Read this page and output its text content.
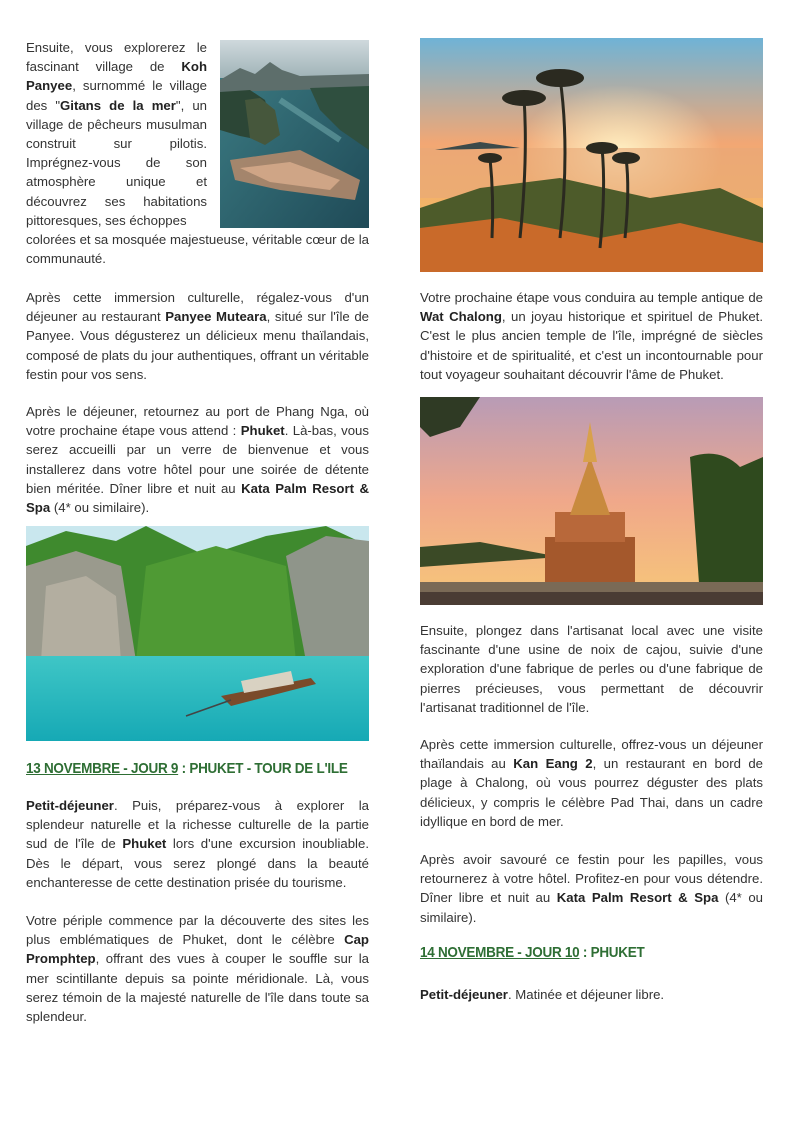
Ensuite, vous explorerez le fascinant village de Koh Panyee, surnommé le village des "Gitans de la mer", un village de pêcheurs musulman construit sur pilotis. Imprégnez-vous de son atmosphère unique et découvrez ses habitations pittoresques, ses échoppes

colorées et sa mosquée majestueuse, véritable cœur de la communauté.

Après cette immersion culturelle, régalez-vous d'un déjeuner au restaurant Panyee Muteara, situé sur l'île de Panyee. Vous dégusterez un délicieux menu thaïlandais, composé de plats du jour authentiques, offrant un véritable festin pour vos sens.

Après le déjeuner, retournez au port de Phang Nga, où votre prochaine étape vous attend : Phuket. Là-bas, vous serez accueilli par un verre de bienvenue et vous installerez dans votre hôtel pour une soirée de détente bien méritée. Dîner libre et nuit au Kata Palm Resort & Spa (4* ou similaire).

13 NOVEMBRE - JOUR 9 : PHUKET - TOUR DE L'ILE

Petit-déjeuner. Puis, préparez-vous à explorer la splendeur naturelle et la richesse culturelle de la partie sud de l'île de Phuket lors d'une excursion inoubliable. Dès le départ, vous serez plongé dans la beauté enchanteresse de cette destination prisée du tourisme.

Votre périple commence par la découverte des sites les plus emblématiques de Phuket, dont le célèbre Cap Promphtep, offrant des vues à couper le souffle sur la mer scintillante depuis sa pointe méridionale. Là, vous serez témoin de la majesté naturelle de l'île dans toute sa splendeur.

Votre prochaine étape vous conduira au temple antique de Wat Chalong, un joyau historique et spirituel de Phuket. C'est le plus ancien temple de l'île, imprégné de siècles d'histoire et de spiritualité, et c'est un incontournable pour tout voyageur souhaitant découvrir l'âme de Phuket.

Ensuite, plongez dans l'artisanat local avec une visite fascinante d'une usine de noix de cajou, suivie d'une exploration d'une fabrique de perles ou d'une fabrique de pierres précieuses, vous permettant de découvrir l'artisanat traditionnel de l'île.

Après cette immersion culturelle, offrez-vous un déjeuner thaïlandais au Kan Eang 2, un restaurant en bord de plage à Chalong, où vous pourrez déguster des plats délicieux, y compris le célèbre Pad Thai, dans un cadre idyllique en bord de mer.

Après avoir savouré ce festin pour les papilles, vous retournerez à votre hôtel. Profitez-en pour vous détendre. Dîner libre et nuit au Kata Palm Resort & Spa (4* ou similaire).

14 NOVEMBRE - JOUR 10 : PHUKET

Petit-déjeuner. Matinée et déjeuner libre.
